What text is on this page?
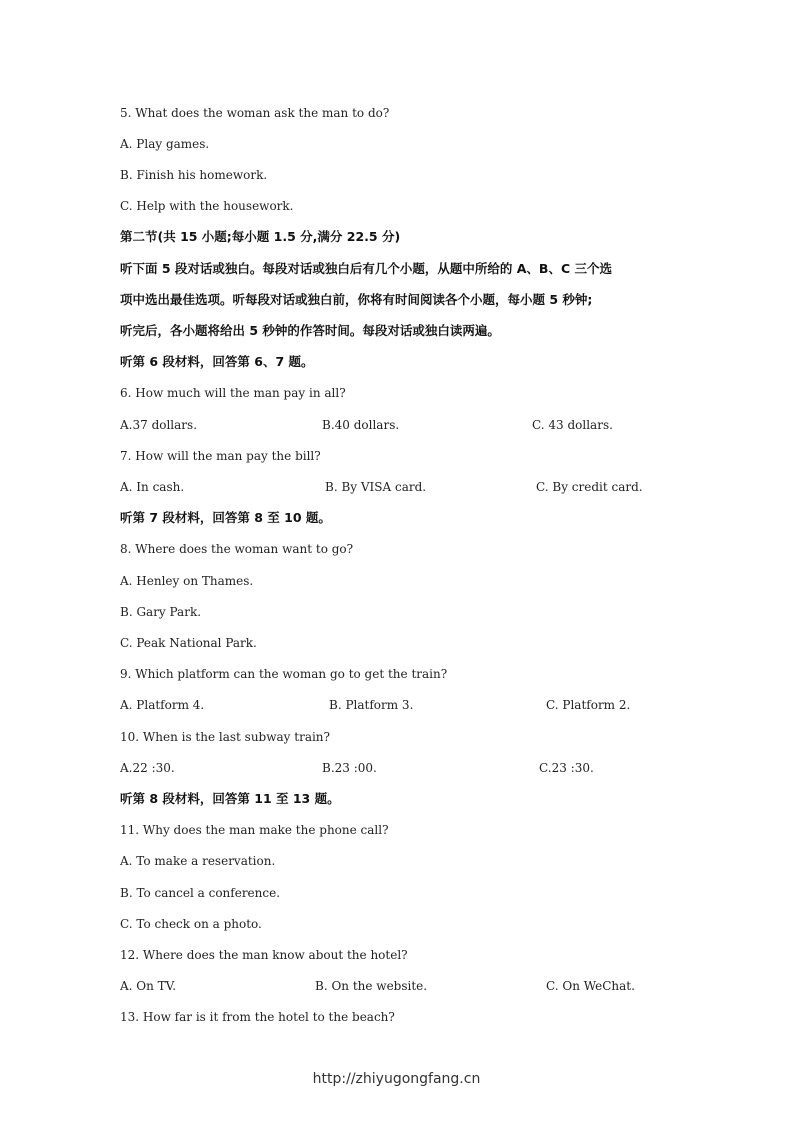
5. What does the woman ask the man to do?
A. Play games.
B. Finish his homework.
C. Help with the housework.
第二节(共 15 小题;每小题 1.5 分,满分 22.5 分)
听下面 5 段对话或独白。每段对话或独白后有几个小题，从题中所给的 A、B、C 三个选
项中选出最佳选项。听每段对话或独白前，你将有时间阅读各个小题，每小题 5 秒钟;
听完后，各小题将给出 5 秒钟的作答时间。每段对话或独白读两遍。
听第 6 段材料，回答第 6、7 题。
6. How much will the man pay in all?
A.37 dollars.	B.40 dollars.	C. 43 dollars.
7. How will the man pay the bill?
A. In cash.	B. By VISA card.	C. By credit card.
听第 7 段材料，回答第 8 至 10 题。
8. Where does the woman want to go?
A. Henley on Thames.
B. Gary Park.
C. Peak National Park.
9. Which platform can the woman go to get the train?
A. Platform 4.	B. Platform 3.	C. Platform 2.
10. When is the last subway train?
A.22 :30.	B.23 :00.	C.23 :30.
听第 8 段材料，回答第 11 至 13 题。
11. Why does the man make the phone call?
A. To make a reservation.
B. To cancel a conference.
C. To check on a photo.
12. Where does the man know about the hotel?
A. On TV.	B. On the website.	C. On WeChat.
13. How far is it from the hotel to the beach?
http://zhiyugongfang.cn
